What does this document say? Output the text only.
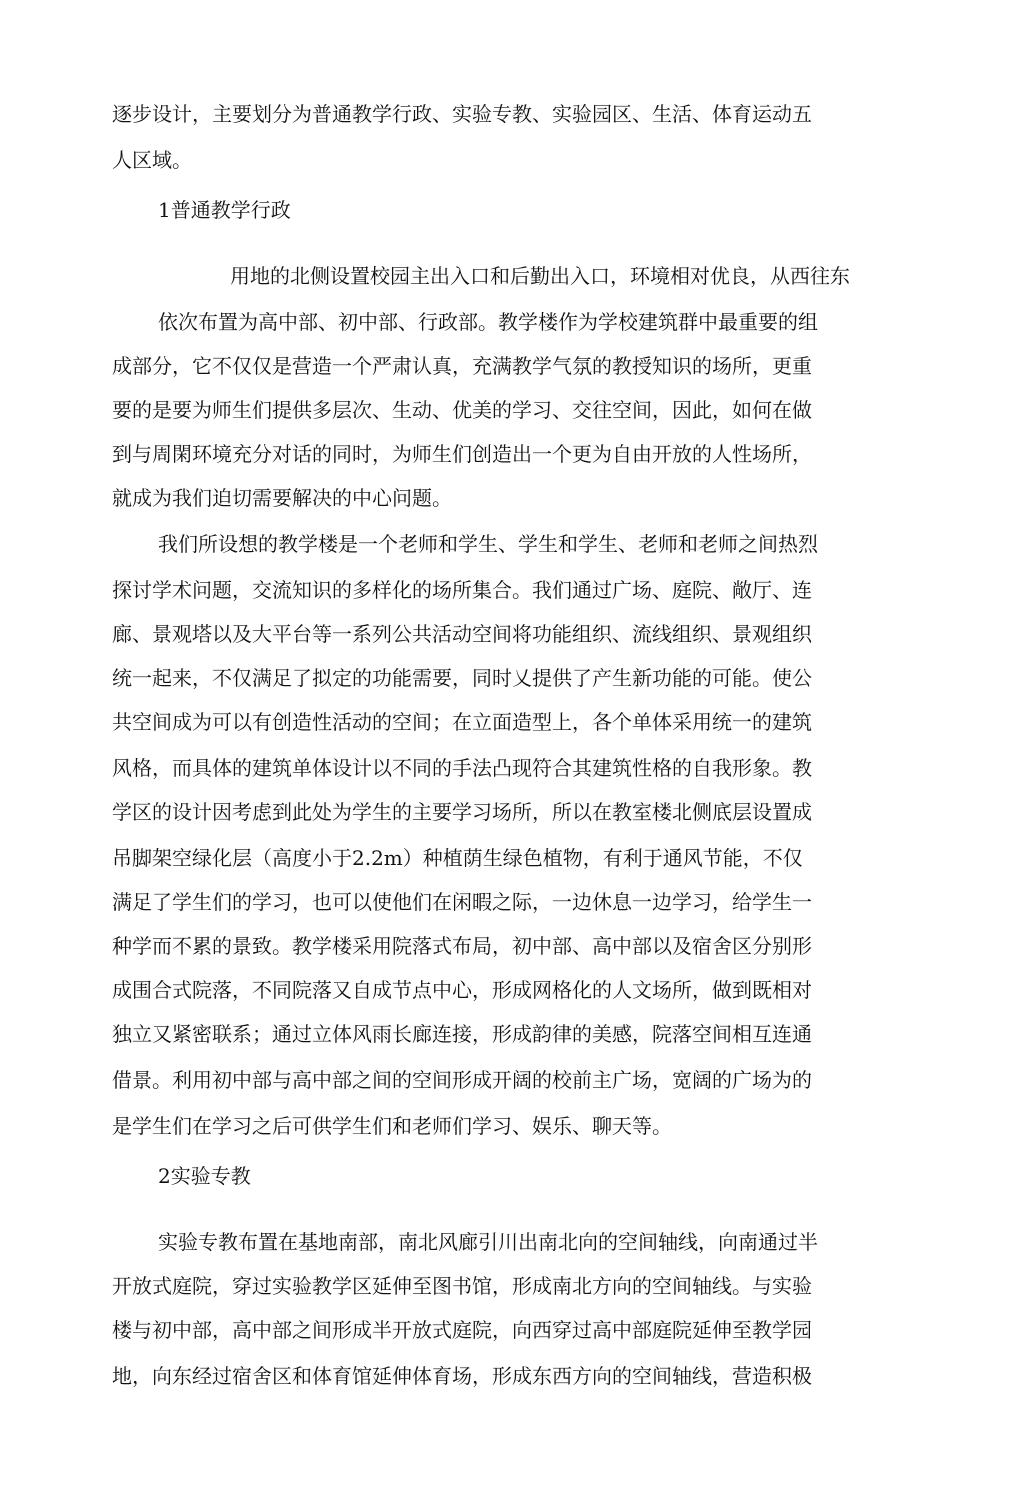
逐步设计，主要划分为普通教学行政、实验专教、实验园区、生活、体育运动五
人区域。
1普通教学行政
用地的北侧设置校园主出入口和后勤出入口，环境相对优良，从西往东
依次布置为高中部、初中部、行政部。教学楼作为学校建筑群中最重要的组
成部分，它不仅仅是营造一个严肃认真，充满教学气氛的教授知识的场所，更重
要的是要为师生们提供多层次、生动、优美的学习、交往空间，因此，如何在做
到与周閑环境充分对话的同时，为师生们创造出一个更为自由开放的人性场所，
就成为我们迫切需要解决的中心问题。
我们所设想的教学楼是一个老师和学生、学生和学生、老师和老师之间热烈
探讨学术问题，交流知识的多样化的场所集合。我们通过广场、庭院、敞厅、连
廊、景观塔以及大平台等一系列公共活动空间将功能组织、流线组织、景观组织
统一起来，不仅满足了拟定的功能需要，同时乂提供了产生新功能的可能。使公
共空间成为可以有创造性活动的空间；在立面造型上，各个单体采用统一的建筑
风格，而具体的建筑单体设计以不同的手法凸现符合其建筑性格的自我形象。教
学区的设计因考虑到此处为学生的主要学习场所，所以在教室楼北侧底层设置成
吊脚架空绿化层（高度小于2.2m）种植荫生绿色植物，有利于通风节能，不仅
满足了学生们的学习，也可以使他们在闲暇之际，一边休息一边学习，给学生一
种学而不累的景致。教学楼采用院落式布局，初中部、高中部以及宿舍区分别形
成围合式院落，不同院落又自成节点中心，形成网格化的人文场所，做到既相对
独立又紧密联系；通过立体风雨长廊连接，形成韵律的美感，院落空间相互连通
借景。利用初中部与高中部之间的空间形成开阔的校前主广场，宽阔的广场为的
是学生们在学习之后可供学生们和老师们学习、娱乐、聊天等。
2实验专教
实验专教布置在基地南部，南北风廊引川出南北向的空间轴线，向南通过半
开放式庭院，穿过实验教学区延伸至图书馆，形成南北方向的空间轴线。与实验
楼与初中部，高中部之间形成半开放式庭院，向西穿过高中部庭院延伸至教学园
地，向东经过宿舍区和体育馆延伸体育场，形成东西方向的空间轴线，营造积极
